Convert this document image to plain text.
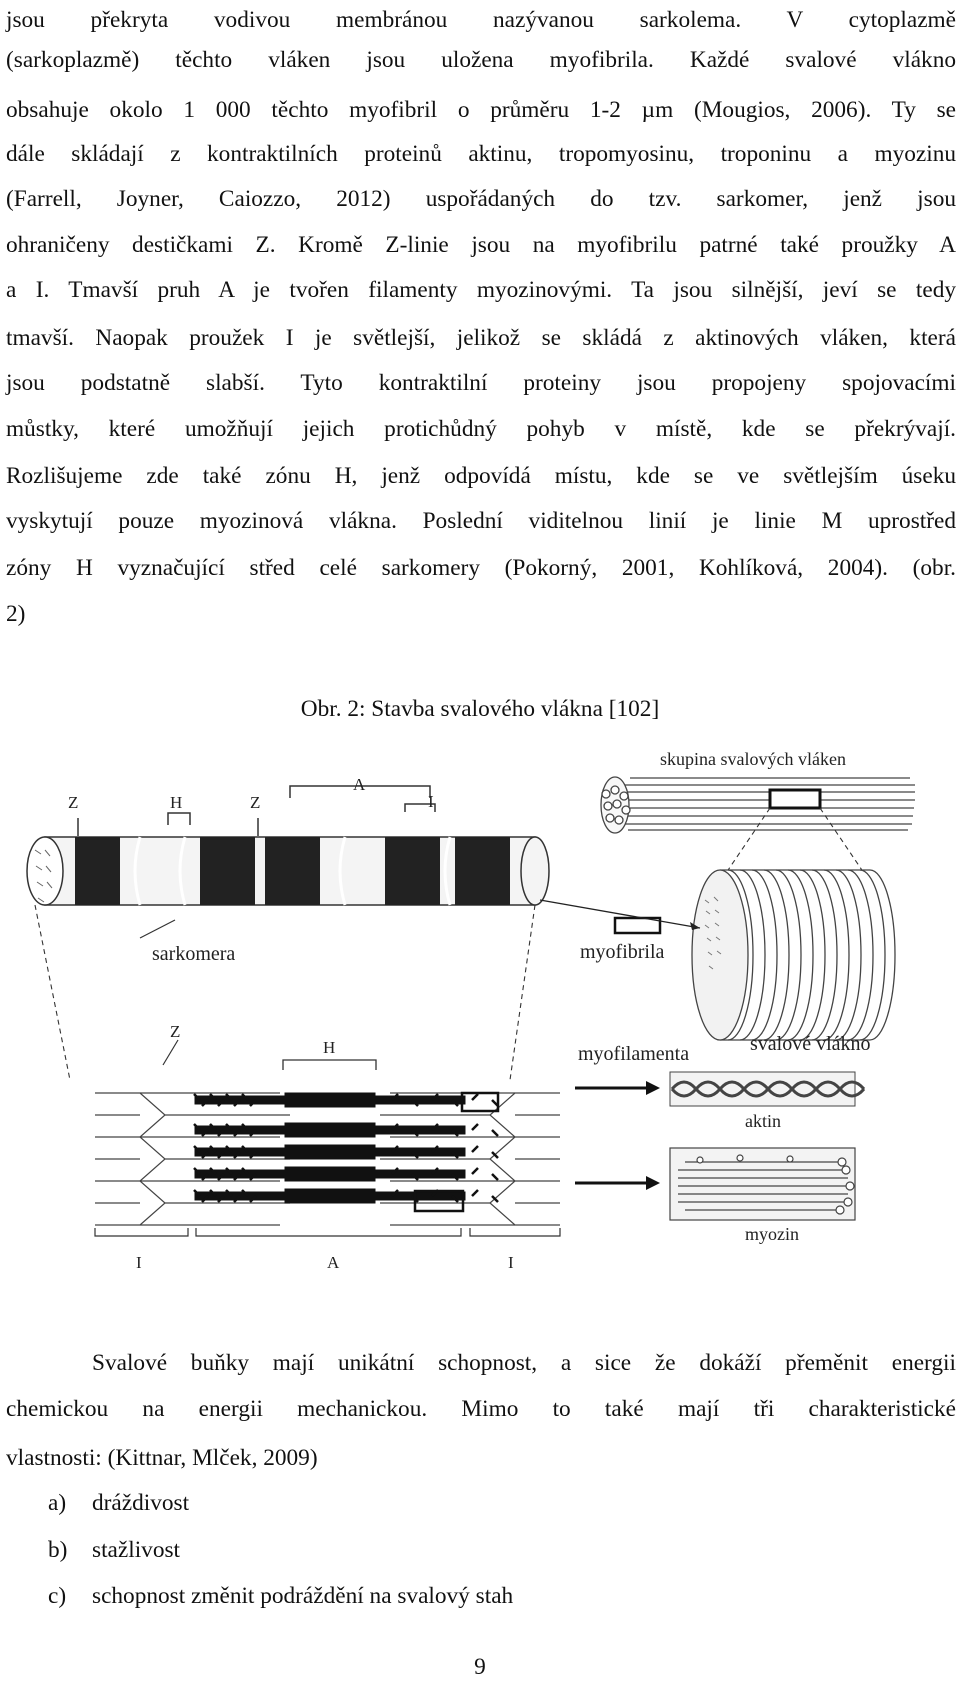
jsou překryta vodivou membránou nazývanou sarkolema. V cytoplazmě
(sarkoplazmě) těchto vláken jsou uložena myofibrila. Každé svalové vlákno
obsahuje okolo 1 000 těchto myofibril o průměru 1-2 µm (Mougios, 2006). Ty se
dále skládají z kontraktilních proteinů aktinu, tropomyosinu, troponinu a myozinu
(Farrell, Joyner, Caiozzo, 2012) uspořádaných do tzv. sarkomer, jenž jsou
ohraničeny destičkami Z. Kromě Z-linie jsou na myofibrilu patrné také proužky A
a I. Tmavší pruh A je tvořen filamenty myozinovými. Ta jsou silnější, jeví se tedy
tmavší. Naopak proužek I je světlejší, jelikož se skládá z aktinových vláken, která
jsou podstatně slabší. Tyto kontraktilní proteiny jsou propojeny spojovacími
můstky, které umožňují jejich protichůdný pohyb v místě, kde se překrývají.
Rozlišujeme zde také zónu H, jenž odpovídá místu, kde se ve světlejším úseku
vyskytují pouze myozinová vlákna. Poslední viditelnou linií je linie M uprostřed
zóny H vyznačující střed celé sarkomery (Pokorný, 2001, Kohlíková, 2004). (obr.
2)
Obr. 2: Stavba svalového vlákna [102]
Z	H	Z
A
I
sarkomera
skupina svalových vláken
svalové vlákno
myofibrila
H
Z
I	A	I
myofilamenta
aktin
myozin
Svalové buňky mají unikátní schopnost, a sice že dokáží přeměnit energii
chemickou na energii mechanickou. Mimo to také mají tři charakteristické
vlastnosti: (Kittnar, Mlček, 2009)
a) dráždivost
b) stažlivost
c) schopnost změnit podráždění na svalový stah
9
